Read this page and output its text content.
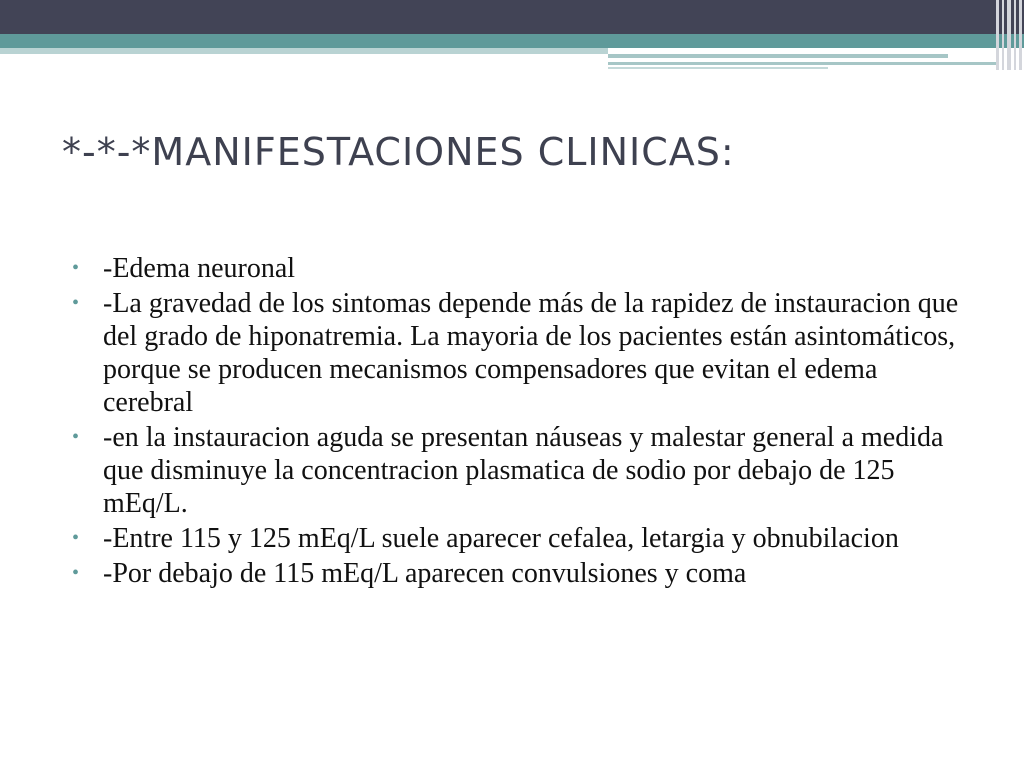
*-*-*MANIFESTACIONES CLINICAS:
• -Edema neuronal
• -La gravedad de los sintomas depende más de la rapidez de instauracion que del grado de hiponatremia. La mayoria de los pacientes están asintomáticos, porque se producen mecanismos compensadores que evitan el edema cerebral
• -en la instauracion aguda se presentan náuseas y malestar general a medida que disminuye la concentracion plasmatica de sodio por debajo de 125 mEq/L.
• -Entre 115 y 125 mEq/L suele aparecer cefalea, letargia y obnubilacion
• -Por debajo de 115 mEq/L aparecen convulsiones y coma
